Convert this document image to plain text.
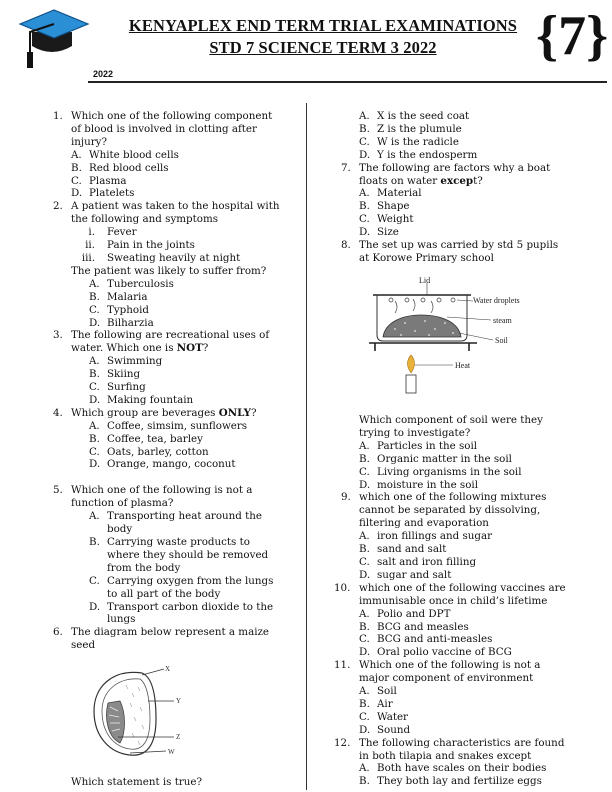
KENYAPLEX END TERM TRIAL EXAMINATIONS
STD 7 SCIENCE TERM 3 2022	{7}
2022
1. Which one of the following component
of blood is involved in clotting after
injury?
A. White blood cells
B. Red blood cells
C. Plasma
D. Platelets
2. A patient was taken to the hospital with
the following and symptoms
i. Fever
ii. Pain in the joints
iii. Sweating heavily at night
The patient was likely to suffer from?
A. Tuberculosis
B. Malaria
C. Typhoid
D. Bilharzia
3. The following are recreational uses of
water. Which one is NOT?
A. Swimming
B. Skiing
C. Surfing
D. Making fountain
4. Which group are beverages ONLY?
A. Coffee, simsim, sunflowers
B. Coffee, tea, barley
C. Oats, barley, cotton
D. Orange, mango, coconut
5. Which one of the following is not a
function of plasma?
A. Transporting heat around the
body
B. Carrying waste products to
where they should be removed
from the body
C. Carrying oxygen from the lungs
to all part of the body
D. Transport carbon dioxide to the
lungs
6. The diagram below represent a maize
seed
X
Y
Z
W
Which statement is true?
A. X is the seed coat
B. Z is the plumule
C. W is the radicle
D. Y is the endosperm
7. The following are factors why a boat
floats on water except?
A. Material
B. Shape
C. Weight
D. Size
8. The set up was carried by std 5 pupils
at Korowe Primary school
Lid
Water droplets
steam
Soil
Heat
Which component of soil were they
trying to investigate?
A. Particles in the soil
B. Organic matter in the soil
C. Living organisms in the soil
D. moisture in the soil
9. which one of the following mixtures
cannot be separated by dissolving,
filtering and evaporation
A. iron fillings and sugar
B. sand and salt
C. salt and iron filling
D. sugar and salt
10. which one of the following vaccines are
immunisable once in child’s lifetime
A. Polio and DPT
B. BCG and measles
C. BCG and anti-measles
D. Oral polio vaccine of BCG
11. Which one of the following is not a
major component of environment
A. Soil
B. Air
C. Water
D. Sound
12. The following characteristics are found
in both tilapia and snakes except
A. Both have scales on their bodies
B. They both lay and fertilize eggs
